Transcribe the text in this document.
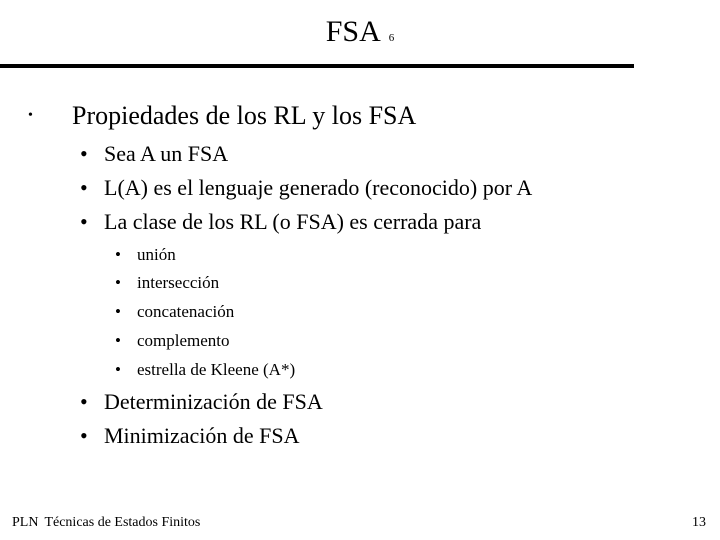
FSA 6
• Propiedades de los RL y los FSA
• Sea A un FSA
• L(A) es el lenguaje generado (reconocido) por A
• La clase de los RL (o FSA) es cerrada para
• unión
• intersección
• concatenación
• complemento
• estrella de Kleene (A*)
• Determinización de FSA
• Minimización de FSA
PLN Técnicas de Estados Finitos	13
